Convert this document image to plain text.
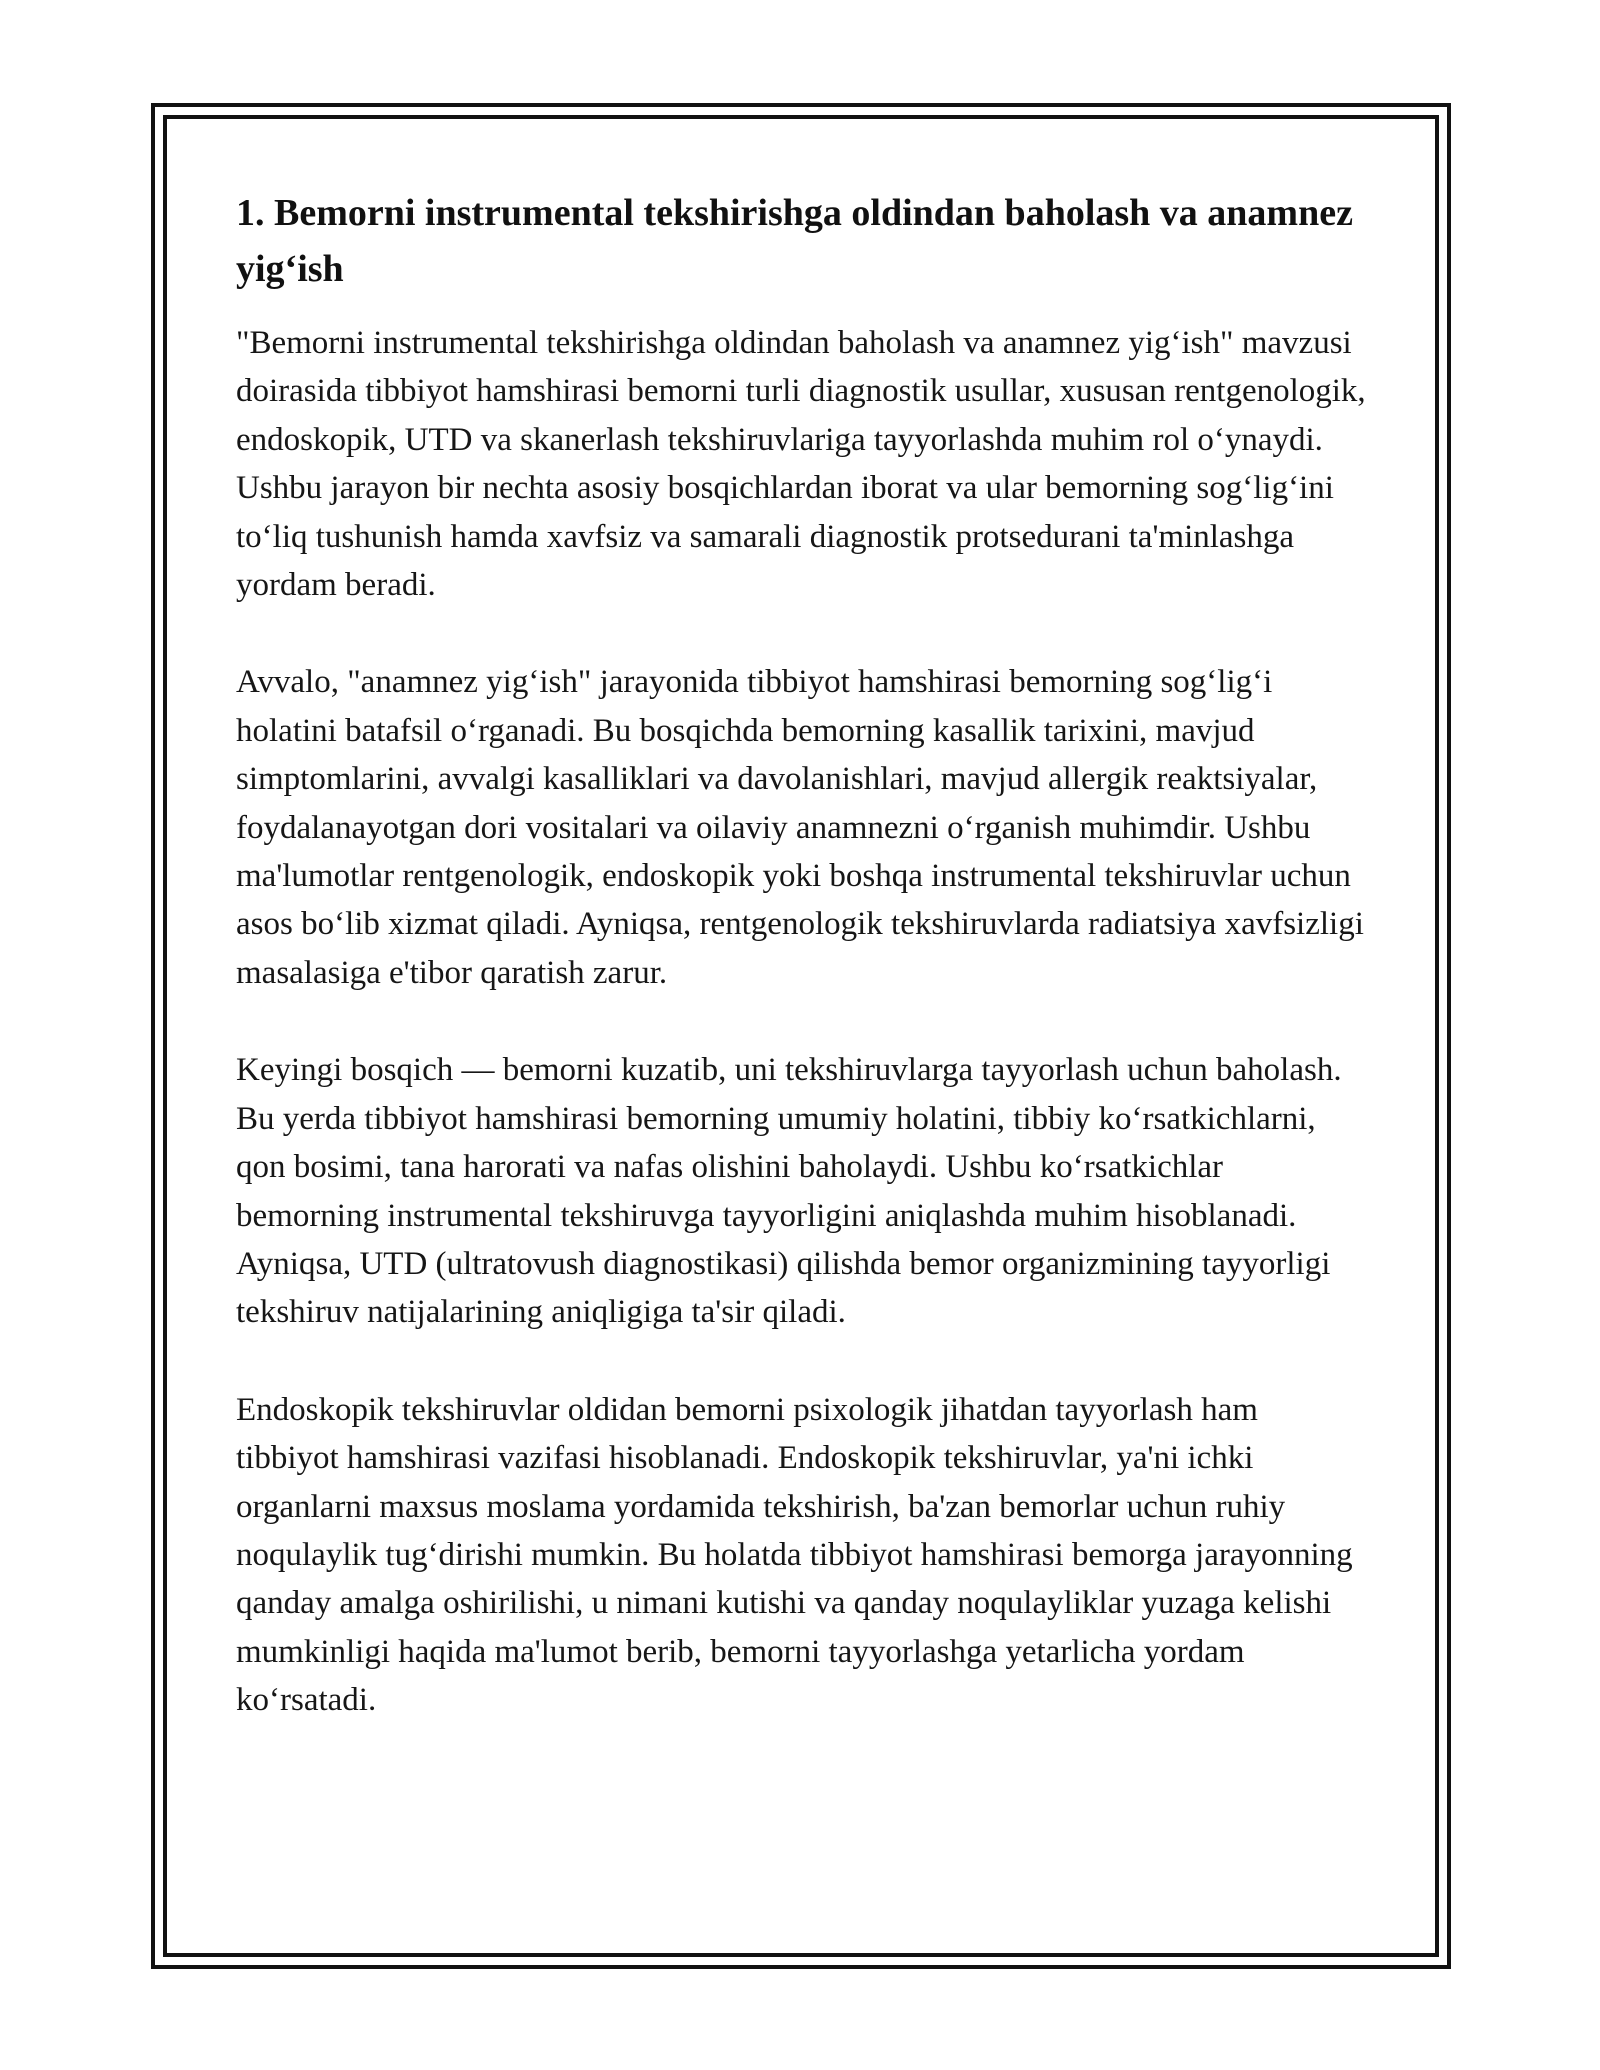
1. Bemorni instrumental tekshirishga oldindan baholash va anamnez yig‘ish

"Bemorni instrumental tekshirishga oldindan baholash va anamnez yig‘ish" mavzusi doirasida tibbiyot hamshirasi bemorni turli diagnostik usullar, xususan rentgenologik, endoskopik, UTD va skanerlash tekshiruvlariga tayyorlashda muhim rol o‘ynaydi. Ushbu jarayon bir nechta asosiy bosqichlardan iborat va ular bemorning sog‘lig‘ini to‘liq tushunish hamda xavfsiz va samarali diagnostik protsedurani ta'minlashga yordam beradi.

Avvalo, "anamnez yig‘ish" jarayonida tibbiyot hamshirasi bemorning sog‘lig‘i holatini batafsil o‘rganadi. Bu bosqichda bemorning kasallik tarixini, mavjud simptomlarini, avvalgi kasalliklari va davolanishlari, mavjud allergik reaktsiyalar, foydalanayotgan dori vositalari va oilaviy anamnezni o‘rganish muhimdir. Ushbu ma'lumotlar rentgenologik, endoskopik yoki boshqa instrumental tekshiruvlar uchun asos bo‘lib xizmat qiladi. Ayniqsa, rentgenologik tekshiruvlarda radiatsiya xavfsizligi masalasiga e'tibor qaratish zarur.

Keyingi bosqich — bemorni kuzatib, uni tekshiruvlarga tayyorlash uchun baholash. Bu yerda tibbiyot hamshirasi bemorning umumiy holatini, tibbiy ko‘rsatkichlarni, qon bosimi, tana harorati va nafas olishini baholaydi. Ushbu ko‘rsatkichlar bemorning instrumental tekshiruvga tayyorligini aniqlashda muhim hisoblanadi. Ayniqsa, UTD (ultratovush diagnostikasi) qilishda bemor organizmining tayyorligi tekshiruv natijalarining aniqligiga ta'sir qiladi.

Endoskopik tekshiruvlar oldidan bemorni psixologik jihatdan tayyorlash ham tibbiyot hamshirasi vazifasi hisoblanadi. Endoskopik tekshiruvlar, ya'ni ichki organlarni maxsus moslama yordamida tekshirish, ba'zan bemorlar uchun ruhiy noqulaylik tug‘dirishi mumkin. Bu holatda tibbiyot hamshirasi bemorga jarayonning qanday amalga oshirilishi, u nimani kutishi va qanday noqulayliklar yuzaga kelishi mumkinligi haqida ma'lumot berib, bemorni tayyorlashga yetarlicha yordam ko‘rsatadi.
